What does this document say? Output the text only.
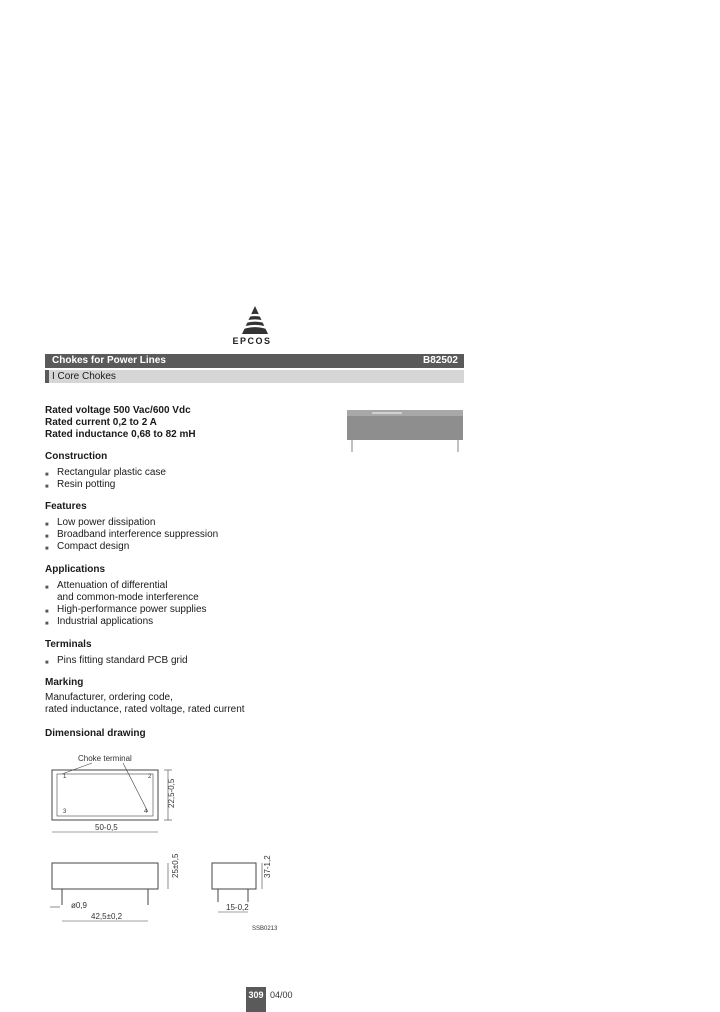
EPCOS
Chokes for Power Lines	B82502
I Core Chokes
Rated voltage 500 Vac/600 Vdc
Rated current 0,2 to 2 A
Rated inductance 0,68 to 82 mH
Construction
■ Rectangular plastic case
■ Resin potting
Features
■ Low power dissipation
■ Broadband interference suppression
■ Compact design
Applications
■ Attenuation of differential
and common-mode interference
■ High-performance power supplies
■ Industrial applications
Terminals
■ Pins fitting standard PCB grid
Marking
Manufacturer, ordering code,
rated inductance, rated voltage, rated current
Dimensional drawing
Choke terminal
1	2
3	4
50-0,5
22,5-0,5
25±0,5
ø0,9
42,5±0,2
37-1,2
15-0,2
SSB0213
309 04/00
